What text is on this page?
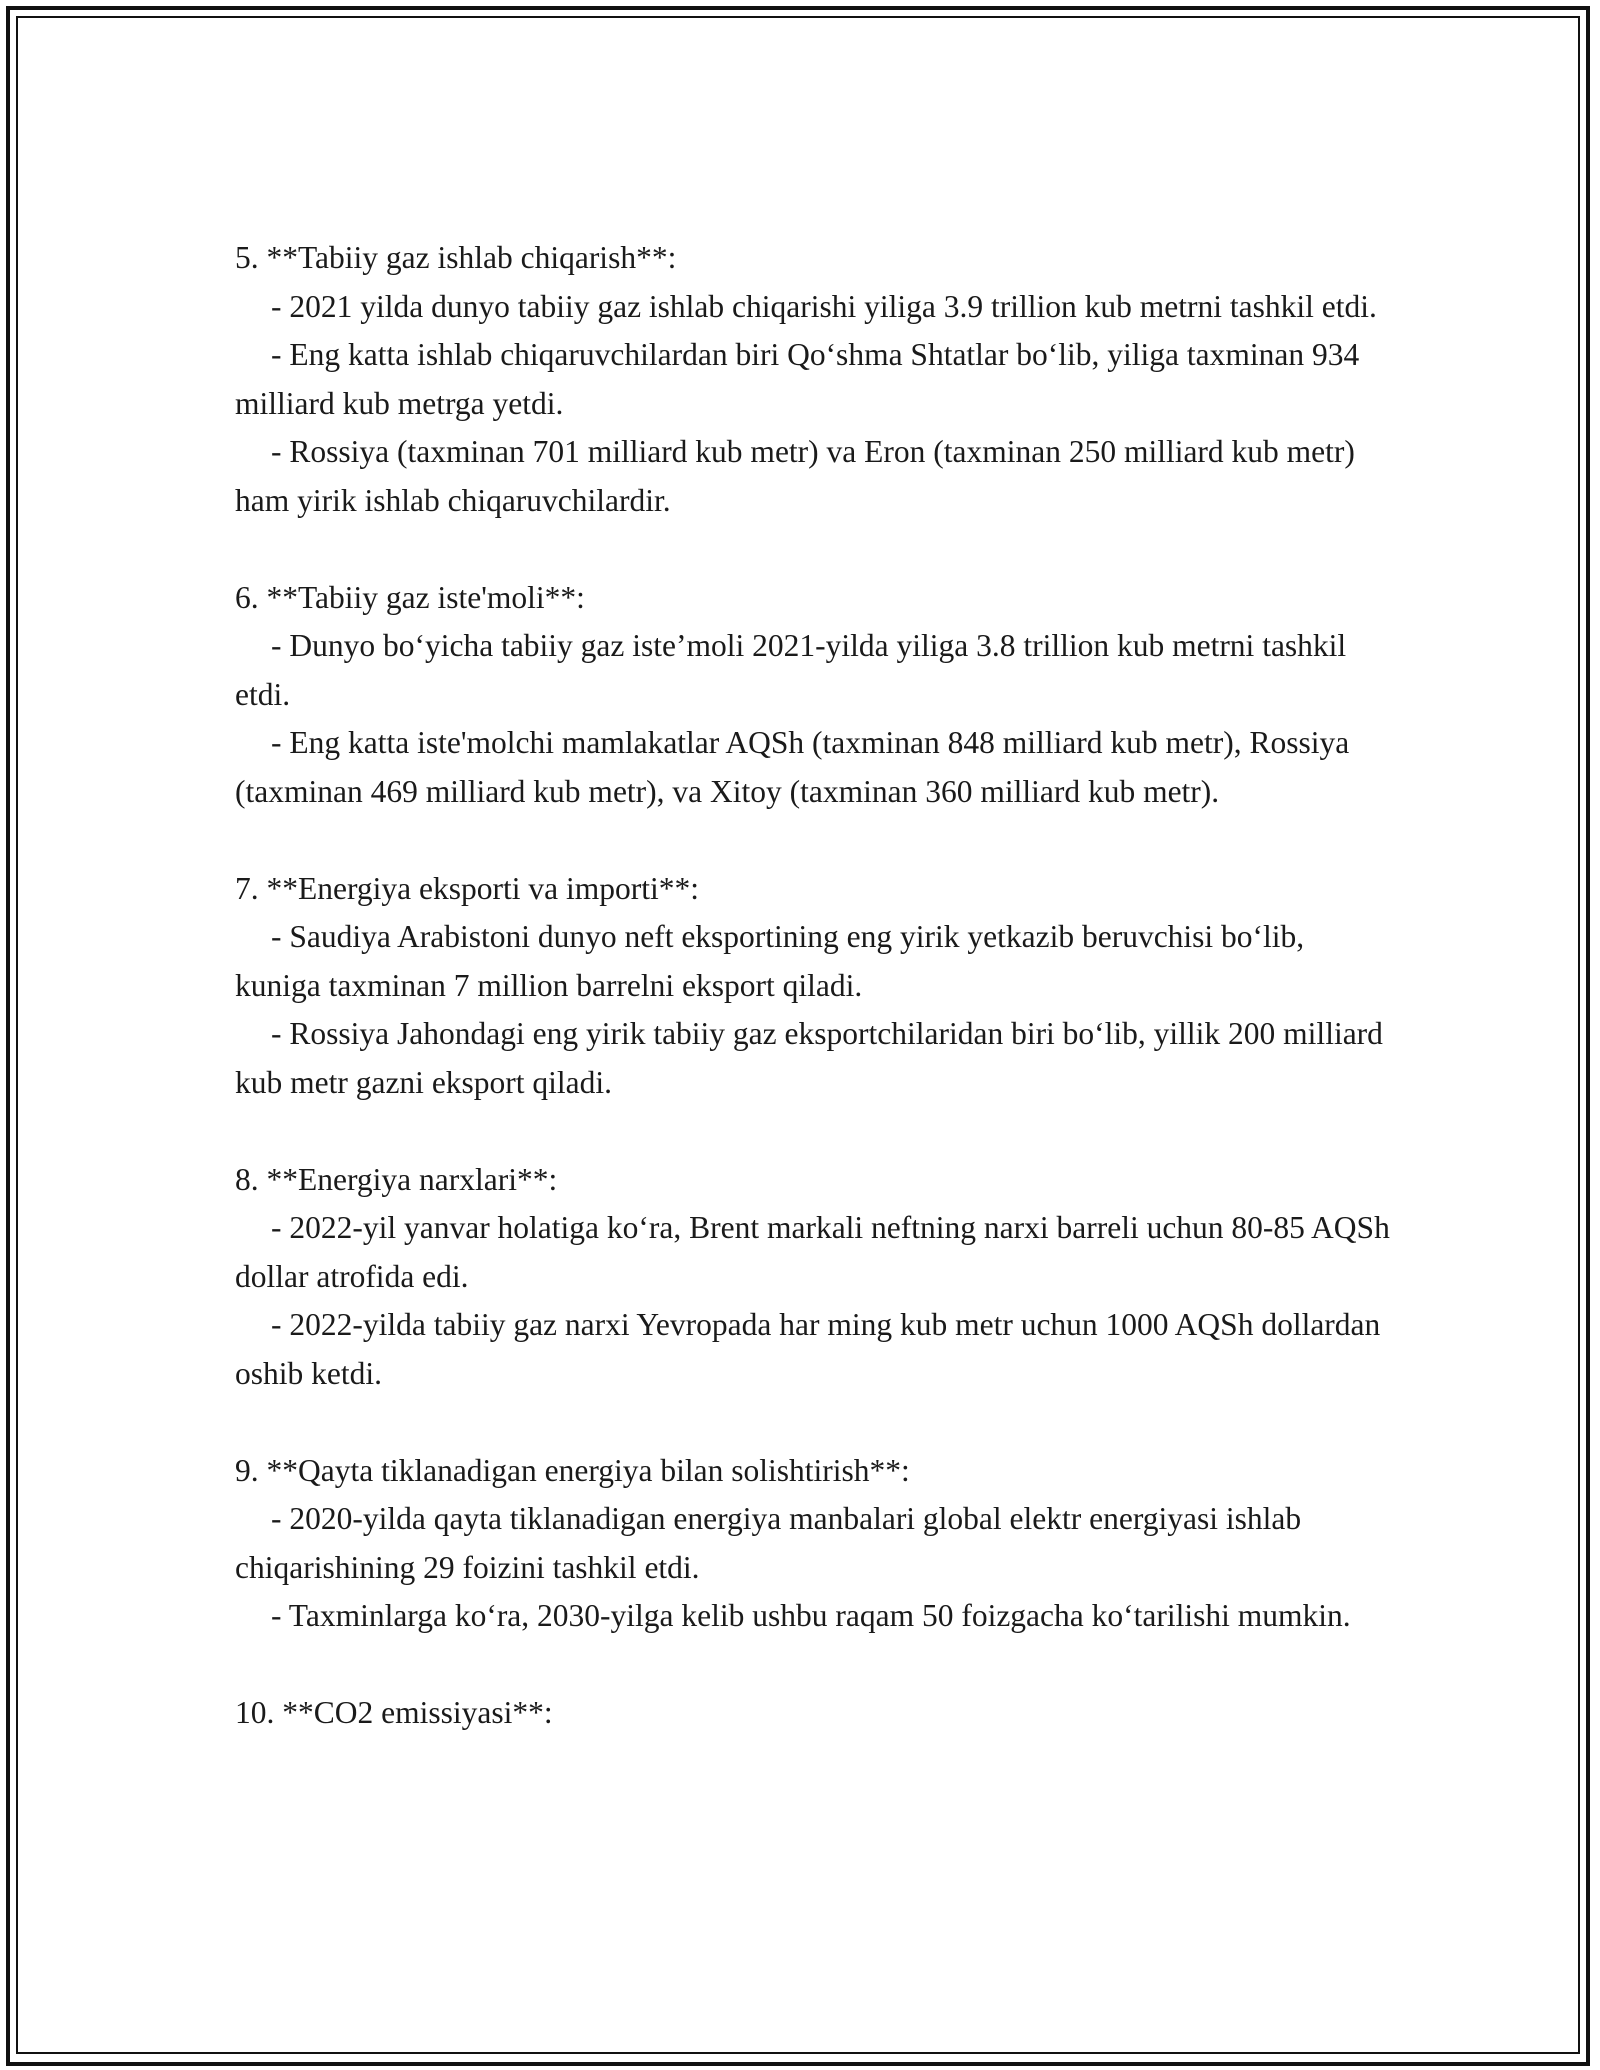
5. **Tabiiy gaz ishlab chiqarish**:

- 2021 yilda dunyo tabiiy gaz ishlab chiqarishi yiliga 3.9 trillion kub metrni tashkil etdi.

- Eng katta ishlab chiqaruvchilardan biri Qo‘shma Shtatlar bo‘lib, yiliga taxminan 934 milliard kub metrga yetdi.

- Rossiya (taxminan 701 milliard kub metr) va Eron (taxminan 250 milliard kub metr) ham yirik ishlab chiqaruvchilardir.

6. **Tabiiy gaz iste'moli**:

- Dunyo bo‘yicha tabiiy gaz iste’moli 2021-yilda yiliga 3.8 trillion kub metrni tashkil etdi.

- Eng katta iste'molchi mamlakatlar AQSh (taxminan 848 milliard kub metr), Rossiya (taxminan 469 milliard kub metr), va Xitoy (taxminan 360 milliard kub metr).

7. **Energiya eksporti va importi**:

- Saudiya Arabistoni dunyo neft eksportining eng yirik yetkazib beruvchisi bo‘lib, kuniga taxminan 7 million barrelni eksport qiladi.

- Rossiya Jahondagi eng yirik tabiiy gaz eksportchilaridan biri bo‘lib, yillik 200 milliard kub metr gazni eksport qiladi.

8. **Energiya narxlari**:

- 2022-yil yanvar holatiga ko‘ra, Brent markali neftning narxi barreli uchun 80-85 AQSh dollar atrofida edi.

- 2022-yilda tabiiy gaz narxi Yevropada har ming kub metr uchun 1000 AQSh dollardan oshib ketdi.

9. **Qayta tiklanadigan energiya bilan solishtirish**:

- 2020-yilda qayta tiklanadigan energiya manbalari global elektr energiyasi ishlab chiqarishining 29 foizini tashkil etdi.

- Taxminlarga ko‘ra, 2030-yilga kelib ushbu raqam 50 foizgacha ko‘tarilishi mumkin.

10. **CO2 emissiyasi**:
